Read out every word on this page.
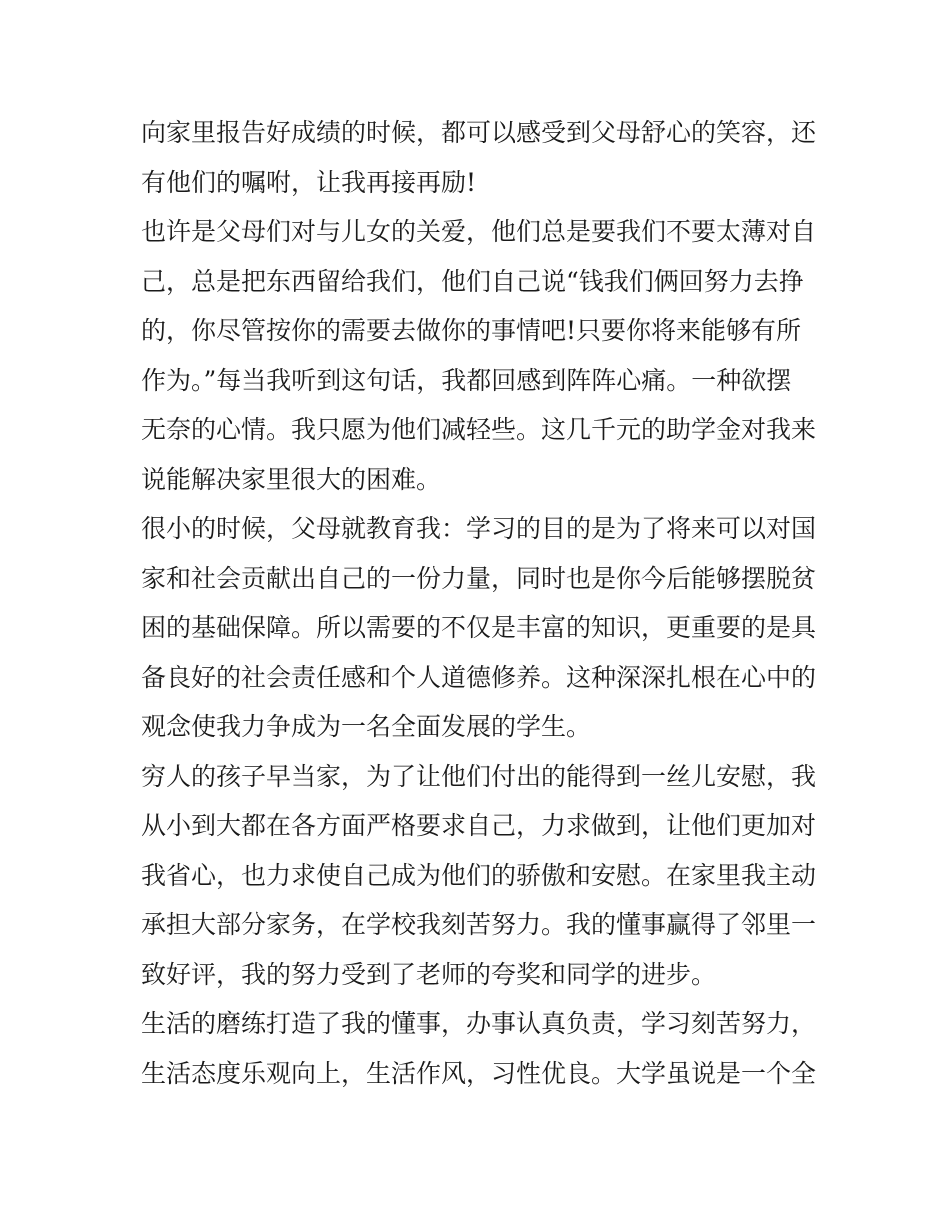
向家里报告好成绩的时候，都可以感受到父母舒心的笑容，还
有他们的嘱咐，让我再接再励!
也许是父母们对与儿女的关爱，他们总是要我们不要太薄对自
己，总是把东西留给我们，他们自己说“钱我们俩回努力去挣
的，你尽管按你的需要去做你的事情吧!只要你将来能够有所
作为。”每当我听到这句话，我都回感到阵阵心痛。一种欲摆
无奈的心情。我只愿为他们减轻些。这几千元的助学金对我来
说能解决家里很大的困难。
很小的时候，父母就教育我：学习的目的是为了将来可以对国
家和社会贡献出自己的一份力量，同时也是你今后能够摆脱贫
困的基础保障。所以需要的不仅是丰富的知识，更重要的是具
备良好的社会责任感和个人道德修养。这种深深扎根在心中的
观念使我力争成为一名全面发展的学生。
穷人的孩子早当家，为了让他们付出的能得到一丝儿安慰，我
从小到大都在各方面严格要求自己，力求做到，让他们更加对
我省心，也力求使自己成为他们的骄傲和安慰。在家里我主动
承担大部分家务，在学校我刻苦努力。我的懂事赢得了邻里一
致好评，我的努力受到了老师的夸奖和同学的进步。
生活的磨练打造了我的懂事，办事认真负责，学习刻苦努力，
生活态度乐观向上，生活作风，习性优良。大学虽说是一个全
